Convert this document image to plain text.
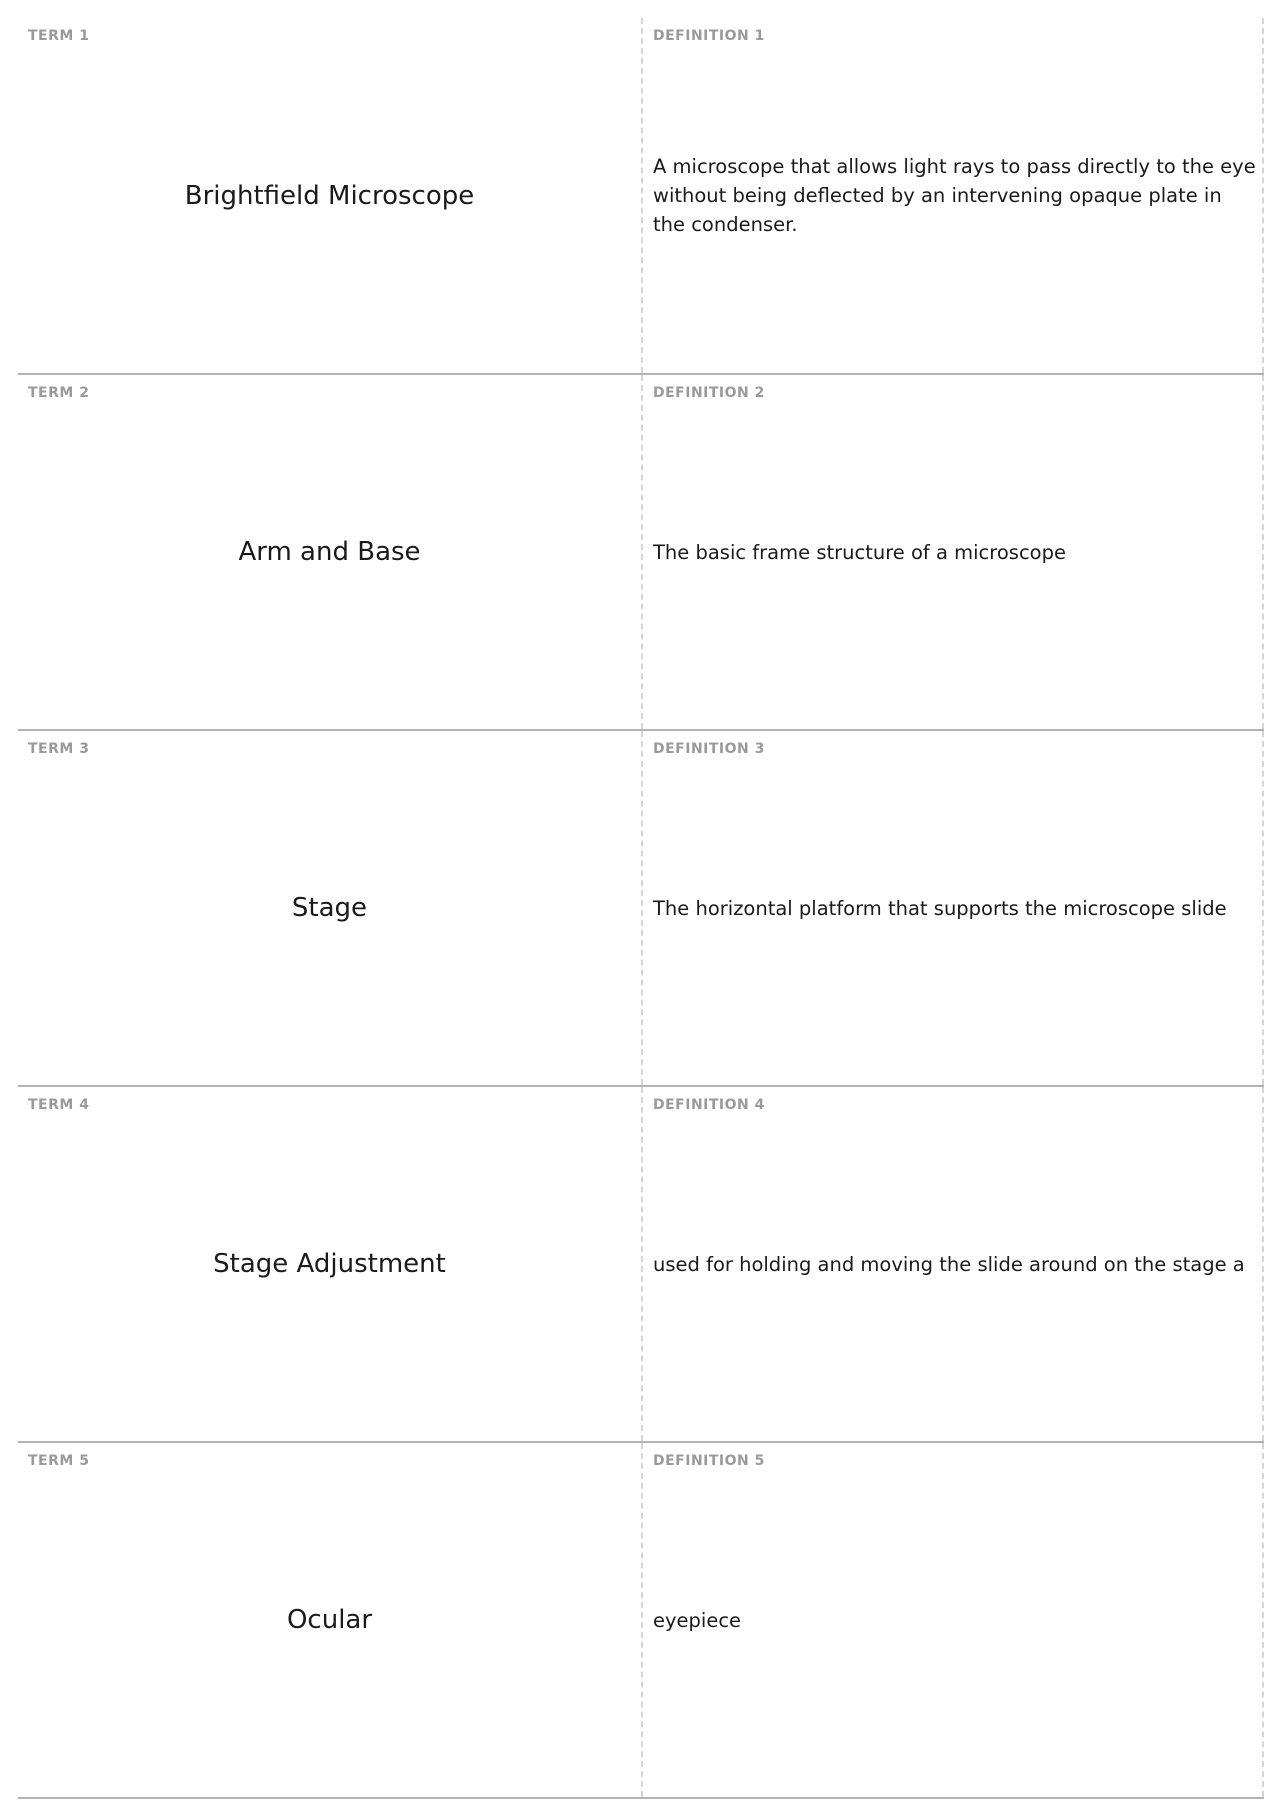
TERM 1
Brightfield Microscope
DEFINITION 1
A microscope that allows light rays to pass directly to the eye without being deflected by an intervening opaque plate in the condenser.
TERM 2
Arm and Base
DEFINITION 2
The basic frame structure of a microscope
TERM 3
Stage
DEFINITION 3
The horizontal platform that supports the microscope slide
TERM 4
Stage Adjustment
DEFINITION 4
used for holding and moving the slide around on the stage a
TERM 5
Ocular
DEFINITION 5
eyepiece
